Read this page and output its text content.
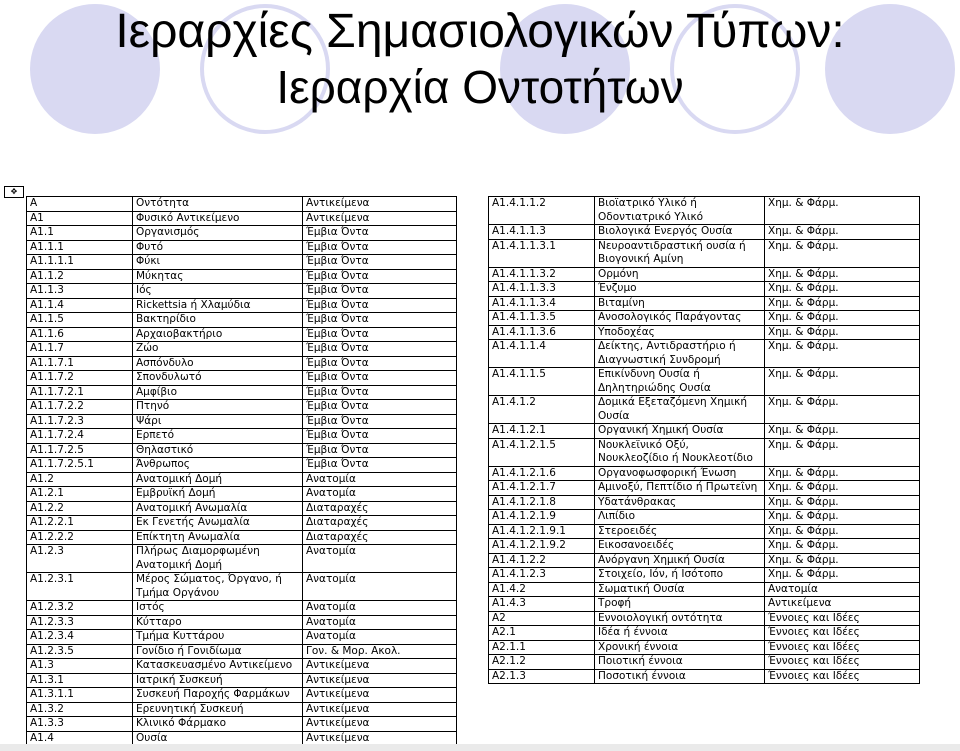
Ιεραρχίες Σημασιολογικών Τύπων:
Ιεραρχία Οντοτήτων
✥
A	Οντότητα	Αντικείμενα
A1	Φυσικό Αντικείμενο	Αντικείμενα
A1.1	Οργανισμός	Έμβια Όντα
A1.1.1	Φυτό	Έμβια Όντα
A1.1.1.1	Φύκι	Έμβια Όντα
A1.1.2	Μύκητας	Έμβια Όντα
A1.1.3	Ιός	Έμβια Όντα
A1.1.4	Rickettsia ή Χλαμύδια	Έμβια Όντα
A1.1.5	Βακτηρίδιο	Έμβια Όντα
A1.1.6	Αρχαιοβακτήριο	Έμβια Όντα
A1.1.7	Ζώο	Έμβια Όντα
A1.1.7.1	Ασπόνδυλο	Έμβια Όντα
A1.1.7.2	Σπονδυλωτό	Έμβια Όντα
A1.1.7.2.1	Αμφίβιο	Έμβια Όντα
A1.1.7.2.2	Πτηνό	Έμβια Όντα
A1.1.7.2.3	Ψάρι	Έμβια Όντα
A1.1.7.2.4	Ερπετό	Έμβια Όντα
A1.1.7.2.5	Θηλαστικό	Έμβια Όντα
A1.1.7.2.5.1	Άνθρωπος	Έμβια Όντα
A1.2	Ανατομική Δομή	Ανατομία
A1.2.1	Εμβρυϊκή Δομή	Ανατομία
A1.2.2	Ανατομική Ανωμαλία	Διαταραχές
A1.2.2.1	Εκ Γενετής Ανωμαλία	Διαταραχές
A1.2.2.2	Επίκτητη Ανωμαλία	Διαταραχές
A1.2.3	Πλήρως Διαμορφωμένη Ανατομική Δομή	Ανατομία
A1.2.3.1	Μέρος Σώματος, Όργανο, ή Τμήμα Οργάνου	Ανατομία
A1.2.3.2	Ιστός	Ανατομία
A1.2.3.3	Κύτταρο	Ανατομία
A1.2.3.4	Τμήμα Κυττάρου	Ανατομία
A1.2.3.5	Γονίδιο ή Γονιδίωμα	Γον. & Μορ. Ακολ.
A1.3	Κατασκευασμένο Αντικείμενο	Αντικείμενα
A1.3.1	Ιατρική Συσκευή	Αντικείμενα
A1.3.1.1	Συσκευή Παροχής Φαρμάκων	Αντικείμενα
A1.3.2	Ερευνητική Συσκευή	Αντικείμενα
A1.3.3	Κλινικό Φάρμακο	Αντικείμενα
A1.4	Ουσία	Αντικείμενα
A1.4.1.1.2	Βιοϊατρικό Υλικό ή Οδοντιατρικό Υλικό	Χημ. & Φάρμ.
A1.4.1.1.3	Βιολογικά Ενεργός Ουσία	Χημ. & Φάρμ.
A1.4.1.1.3.1	Νευροαντιδραστική ουσία ή Βιογονική Αμίνη	Χημ. & Φάρμ.
A1.4.1.1.3.2	Ορμόνη	Χημ. & Φάρμ.
A1.4.1.1.3.3	Ένζυμο	Χημ. & Φάρμ.
A1.4.1.1.3.4	Βιταμίνη	Χημ. & Φάρμ.
A1.4.1.1.3.5	Ανοσολογικός Παράγοντας	Χημ. & Φάρμ.
A1.4.1.1.3.6	Υποδοχέας	Χημ. & Φάρμ.
A1.4.1.1.4	Δείκτης, Αντιδραστήριο ή Διαγνωστική Συνδρομή	Χημ. & Φάρμ.
A1.4.1.1.5	Επικίνδυνη Ουσία ή Δηλητηριώδης Ουσία	Χημ. & Φάρμ.
A1.4.1.2	Δομικά Εξεταζόμενη Χημική Ουσία	Χημ. & Φάρμ.
A1.4.1.2.1	Οργανική Χημική Ουσία	Χημ. & Φάρμ.
A1.4.1.2.1.5	Νουκλεϊνικό Οξύ, Νουκλεοζίδιο ή Νουκλεοτίδιο	Χημ. & Φάρμ.
A1.4.1.2.1.6	Οργανοφωσφορική Ένωση	Χημ. & Φάρμ.
A1.4.1.2.1.7	Αμινοξύ, Πεπτίδιο ή Πρωτεΐνη	Χημ. & Φάρμ.
A1.4.1.2.1.8	Υδατάνθρακας	Χημ. & Φάρμ.
A1.4.1.2.1.9	Λιπίδιο	Χημ. & Φάρμ.
A1.4.1.2.1.9.1	Στεροειδές	Χημ. & Φάρμ.
A1.4.1.2.1.9.2	Εικοσανοειδές	Χημ. & Φάρμ.
A1.4.1.2.2	Ανόργανη Χημική Ουσία	Χημ. & Φάρμ.
A1.4.1.2.3	Στοιχείο, Ιόν, ή Ισότοπο	Χημ. & Φάρμ.
A1.4.2	Σωματική Ουσία	Ανατομία
A1.4.3	Τροφή	Αντικείμενα
A2	Εννοιολογική οντότητα	Έννοιες και Ιδέες
A2.1	Ιδέα ή έννοια	Έννοιες και Ιδέες
A2.1.1	Χρονική έννοια	Έννοιες και Ιδέες
A2.1.2	Ποιοτική έννοια	Έννοιες και Ιδέες
A2.1.3	Ποσοτική έννοια	Έννοιες και Ιδέες
